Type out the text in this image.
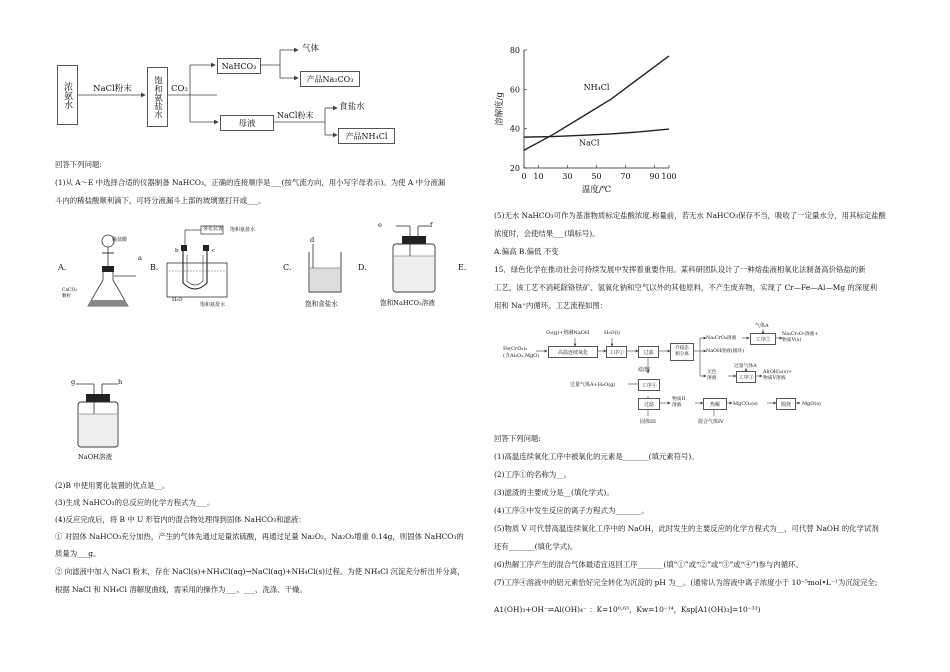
浓氨水	NaCl粉末	饱和氨盐水	CO₂
NaHCO₃
气体
产品Na₂CO₃
母液
NaCl粉末
食盐水
产品NH₄Cl
回答下列问题:
(1)从 A～E 中选择合适的仪器制备 NaHCO₃，正确的连接顺序是___(按气流方向，用小写字母表示)。为使 A 中分液漏
斗内的稀盐酸顺利滴下，可将分液漏斗上部的玻璃塞打开或___。
A.
a
稀盐酸
CaCO₃颗粒
B.
雾化装置 饱和氨盐水
b	c
H₂O
饱和氨盐水
C.
d
饱和食盐水
D.
e	f
饱和NaHCO₃溶液
E.
g	h
NaOH溶液
(2)B 中使用雾化装置的优点是__。
(3)生成 NaHCO₃的总反应的化学方程式为___。
(4)反应完成后，将 B 中 U 形管内的混合物处理得到固体 NaHCO₃和滤液：
① 对固体 NaHCO₃充分加热，产生的气体先通过足量浓硫酸，再通过足量 Na₂O₂，Na₂O₂增重 0.14g，则固体 NaHCO₃的
质量为___g。
② 向滤液中加入 NaCl 粉末，存在 NaCl(s)+NH₄Cl(aq)→NaCl(aq)+NH₄Cl(s)过程。为使 NH₄Cl 沉淀充分析出并分离，
根据 NaCl 和 NH₄Cl 溶解度曲线，需采用的操作为___、___、洗涤、干燥。
20
40
60
80
0 10 30 50 70 90 100
温度/℃
溶解度/g
NH₄Cl
NaCl
(5)无水 NaHCO₃可作为基准物质标定盐酸浓度.称量前，若无水 NaHCO₃保存不当，吸收了一定量水分，用其标定盐酸
浓度时，会使结果___(填标号)。
A.偏高 B.偏低 不变
15．绿色化学在推动社会可持续发展中发挥着重要作用。某科研团队设计了一种熔盐液相氧化法制备高价铬盐的新
工艺，该工艺不消耗除铬铁矿、氢氧化钠和空气以外的其他原料，不产生废弃物，实现了 Cr—Fe—Al—Mg 的深度利
用和 Na⁺内循环。工艺流程如图：
Fe(CrO₂)₂
(含Al₂O₃,MgO)
O₂(g)+熔融NaOH	H₂O(l)
高温连续氧化	工序①	过滤
介稳态
相分离
气体A
Na₂CrO₄溶液	工序②
Na₂Cr₂O₇溶液+
物质V(s)
NaOH溶液(循环)
过量气体A
无色
溶液	工序③
Al(OH)₃(s)+
物质V溶液
滤渣I
过量气体A+H₂O(g)	工序④
过滤
固体III
物质II
溶液	热解	MgCO₃(s)
混合气体IV
煅烧	MgO(s)
回答下列问题:
(1)高温连续氧化工序中被氧化的元素是_______(填元素符号)。
(2)工序①的名称为__。
(3)滤渣的主要成分是__(填化学式)。
(4)工序③中发生反应的离子方程式为_______。
(5)物质 V 可代替高温连续氧化工序中的 NaOH，此时发生的主要反应的化学方程式为__，可代替 NaOH 的化学试剂
还有_______(填化学式)。
(6)热解工序产生的混合气体最适宜返回工序_______(填“①”或“②”或“③”或“④”)参与内循环。
(7)工序④溶液中的铝元素恰好完全转化为沉淀的 pH 为__。(通常认为溶液中离子浓度小于 10⁻⁵mol•L⁻¹为沉淀完全;
A1(OH)₃+OH⁻⇌Al(OH)₄⁻ ：K=10⁰·⁶³，Kw=10⁻¹⁴，Ksp[A1(OH)₃]=10⁻³³)
